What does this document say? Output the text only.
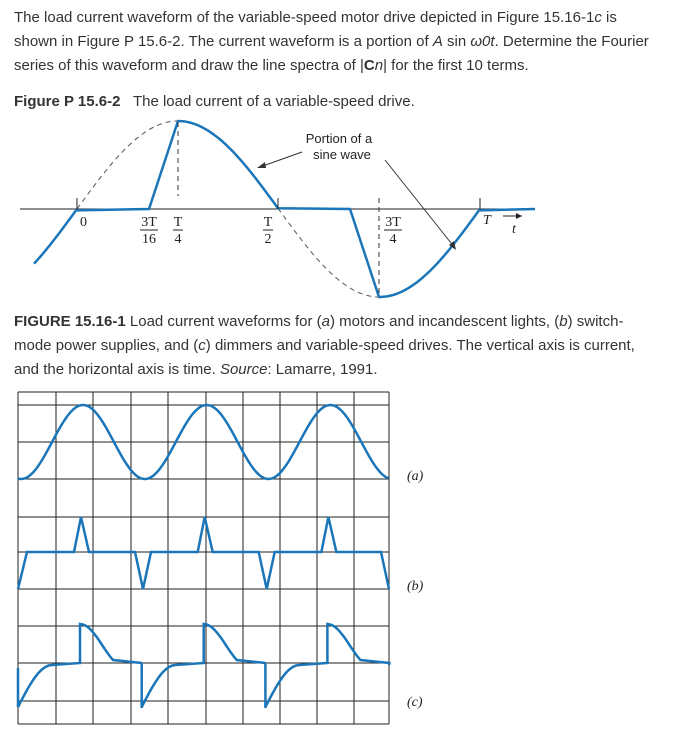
The load current waveform of the variable-speed motor drive depicted in Figure 15.16-1c is
shown in Figure P 15.6-2. The current waveform is a portion of A sin ω0t. Determine the Fourier
series of this waveform and draw the line spectra of |Cn| for the first 10 terms.
Figure P 15.6-2 The load current of a variable-speed drive.
FIGURE 15.16-1 Load current waveforms for (a) motors and incandescent lights, (b) switch-
mode power supplies, and (c) dimmers and variable-speed drives. The vertical axis is current,
and the horizontal axis is time. Source: Lamarre, 1991.
0	3T
16
T
4
T
2
3T
4
T
t
Portion of a
sine wave
(a)
(b)
(c)
